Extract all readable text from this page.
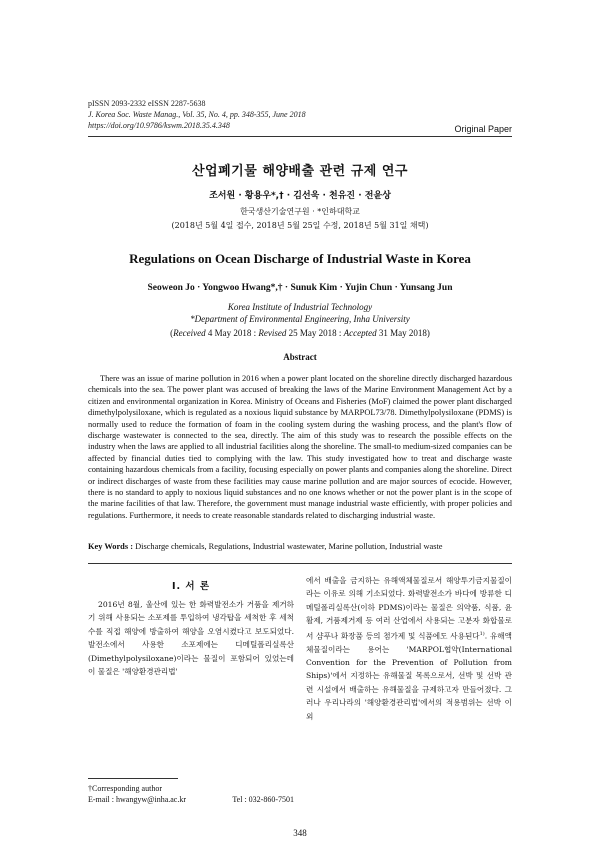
pISSN 2093-2332 eISSN 2287-5638
J. Korea Soc. Waste Manag., Vol. 35, No. 4, pp. 348-355, June 2018
https://doi.org/10.9786/kswm.2018.35.4.348	Original Paper
산업폐기물 해양배출 관련 규제 연구
조서원 · 황용우*,† · 김선욱 · 천유진 · 전윤상
한국생산기술연구원 · *인하대학교
(2018년 5월 4일 접수, 2018년 5월 25일 수정, 2018년 5월 31일 채택)
Regulations on Ocean Discharge of Industrial Waste in Korea
Seoweon Jo · Yongwoo Hwang*,† · Sunuk Kim · Yujin Chun · Yunsang Jun
Korea Institute of Industrial Technology
*Department of Environmental Engineering, Inha University
(Received 4 May 2018 : Revised 25 May 2018 : Accepted 31 May 2018)
Abstract

There was an issue of marine pollution in 2016 when a power plant located on the shoreline directly discharged hazardous chemicals into the sea. The power plant was accused of breaking the laws of the Marine Environment Management Act by a citizen and environmental organization in Korea. Ministry of Oceans and Fisheries (MoF) claimed the power plant discharged dimethylpolysiloxane, which is regulated as a noxious liquid substance by MARPOL73/78. Dimethylpolysiloxane (PDMS) is normally used to reduce the formation of foam in the cooling system during the washing process, and the plant's flow of discharge wastewater is connected to the sea, directly. The aim of this study was to research the possible effects on the industry when the laws are applied to all industrial facilities along the shoreline. The small-to medium-sized companies can be affected by financial duties tied to complying with the law. This study investigated how to treat and discharge waste containing hazardous chemicals from a facility, focusing especially on power plants and companies along the shoreline. Direct or indirect discharges of waste from these facilities may cause marine pollution and are major sources of ecocide. However, there is no standard to apply to noxious liquid substances and no one knows whether or not the power plant is in the scope of the marine facilities of that law. Therefore, the government must manage industrial waste efficiently, with proper policies and regulations. Furthermore, it needs to create reasonable standards related to discharging industrial waste.

Key Words : Discharge chemicals, Regulations, Industrial wastewater, Marine pollution, Industrial waste
I. 서 론

2016년 8월, 울산에 있는 한 화력발전소가 거품을 제거하기 위해 사용되는 소포제를 투입하여 냉각탑을 세척한 후 세척수를 직접 해양에 방출하여 해양을 오염시켰다고 보도되었다. 발전소에서 사용한 소포제에는 디메틸폴리실록산(Dimethylpolysiloxane)이라는 물질이 포함되어 있었는데 이 물질은 '해양환경관리법'

에서 배출을 금지하는 유해액체물질로서 해양투기금지물질이라는 이유로 의해 기소되었다. 화력발전소가 바다에 방류한 디메틸폴리실록산(이하 PDMS)이라는 물질은 의약품, 식품, 윤활제, 거품제거제 등 여러 산업에서 사용되는 고분자 화합물로서 샴푸나 화장품 등의 첨가제 및 식품에도 사용된다$^{1)}$. 유해액체물질이라는 용어는 'MARPOL협약(International Convention for the Prevention of Pollution from Ships)'에서 지정하는 유해물질 목록으로서, 선박 및 선박 관련 시설에서 배출하는 유해물질을 규제하고자 만들어졌다. 그러나 우리나라의 '해양환경관리법'에서의 적용범위는 선박 이외

†Corresponding author
E-mail : hwangyw@inha.ac.kr	Tel : 032-860-7501
348
